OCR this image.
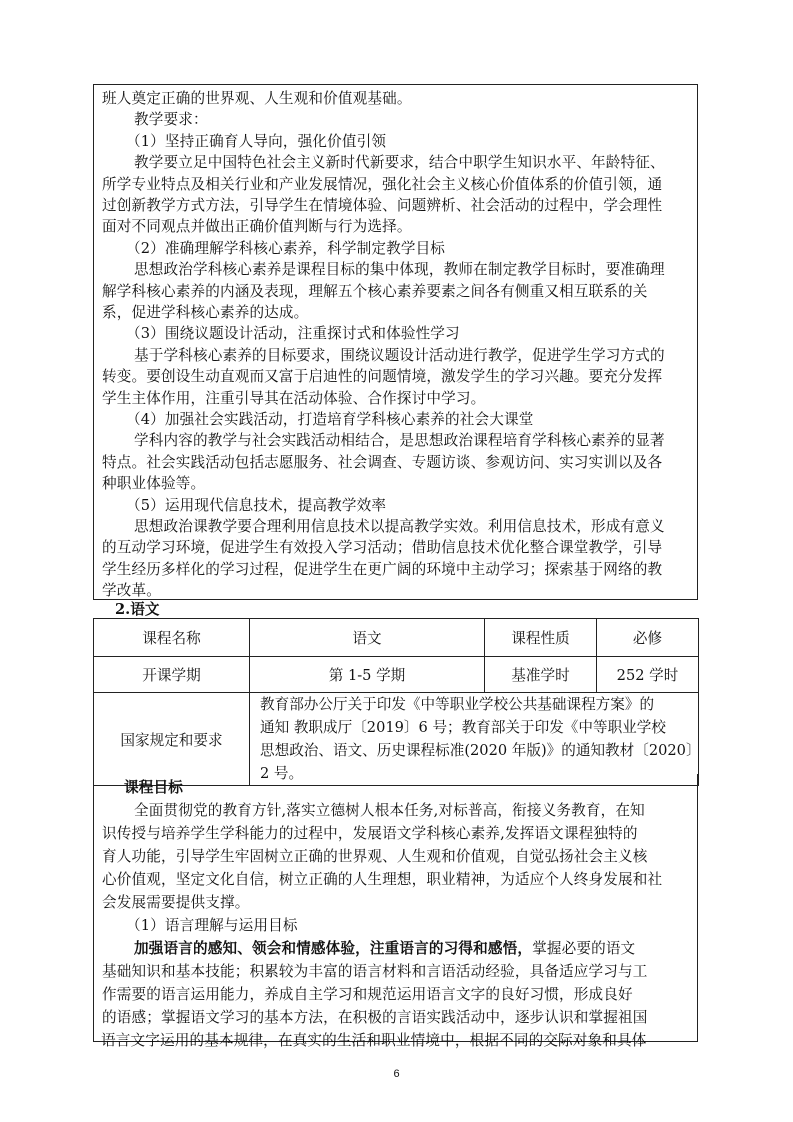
班人奠定正确的世界观、人生观和价值观基础。

教学要求：

（1）坚持正确育人导向，强化价值引领

教学要立足中国特色社会主义新时代新要求，结合中职学生知识水平、年龄特征、

所学专业特点及相关行业和产业发展情况，强化社会主义核心价值体系的价值引领，通

过创新教学方式方法，引导学生在情境体验、问题辨析、社会活动的过程中，学会理性

面对不同观点并做出正确价值判断与行为选择。

（2）准确理解学科核心素养，科学制定教学目标

思想政治学科核心素养是课程目标的集中体现，教师在制定教学目标时，要准确理

解学科核心素养的内涵及表现，理解五个核心素养要素之间各有侧重又相互联系的关

系，促进学科核心素养的达成。

（3）围绕议题设计活动，注重探讨式和体验性学习

基于学科核心素养的目标要求，围绕议题设计活动进行教学，促进学生学习方式的

转变。要创设生动直观而又富于启迪性的问题情境，激发学生的学习兴趣。要充分发挥

学生主体作用，注重引导其在活动体验、合作探讨中学习。

（4）加强社会实践活动，打造培育学科核心素养的社会大课堂

学科内容的教学与社会实践活动相结合，是思想政治课程培育学科核心素养的显著

特点。社会实践活动包括志愿服务、社会调查、专题访谈、参观访问、实习实训以及各

种职业体验等。

（5）运用现代信息技术，提高教学效率

思想政治课教学要合理利用信息技术以提高教学实效。利用信息技术，形成有意义

的互动学习环境，促进学生有效投入学习活动；借助信息技术优化整合课堂教学，引导

学生经历多样化的学习过程，促进学生在更广阔的环境中主动学习；探索基于网络的教

学改革。

2.语文
课程名称	语文	课程性质	必修
开课学期	第 1-5 学期	基准学时	252 学时
国家规定和要求	教育部办公厅关于印发《中等职业学校公共基础课程方案》的
通知 教职成厅〔2019〕6 号；教育部关于印发《中等职业学校
思想政治、语文、历史课程标准(2020 年版)》的通知教材〔2020〕
2 号。		

课程目标

全面贯彻党的教育方针,落实立德树人根本任务,对标普高，衔接义务教育，在知

识传授与培养学生学科能力的过程中，发展语文学科核心素养,发挥语文课程独特的

育人功能，引导学生牢固树立正确的世界观、人生观和价值观，自觉弘扬社会主义核

心价值观，坚定文化自信，树立正确的人生理想，职业精神，为适应个人终身发展和社

会发展需要提供支撑。

（1）语言理解与运用目标

加强语言的感知、领会和情感体验，注重语言的习得和感悟，掌握必要的语文

基础知识和基本技能；积累较为丰富的语言材料和言语活动经验，具备适应学习与工

作需要的语言运用能力，养成自主学习和规范运用语言文字的良好习惯，形成良好

的语感；掌握语文学习的基本方法，在积极的言语实践活动中，逐步认识和掌握祖国

语言文字运用的基本规律，在真实的生活和职业情境中，根据不同的交际对象和具体

6
